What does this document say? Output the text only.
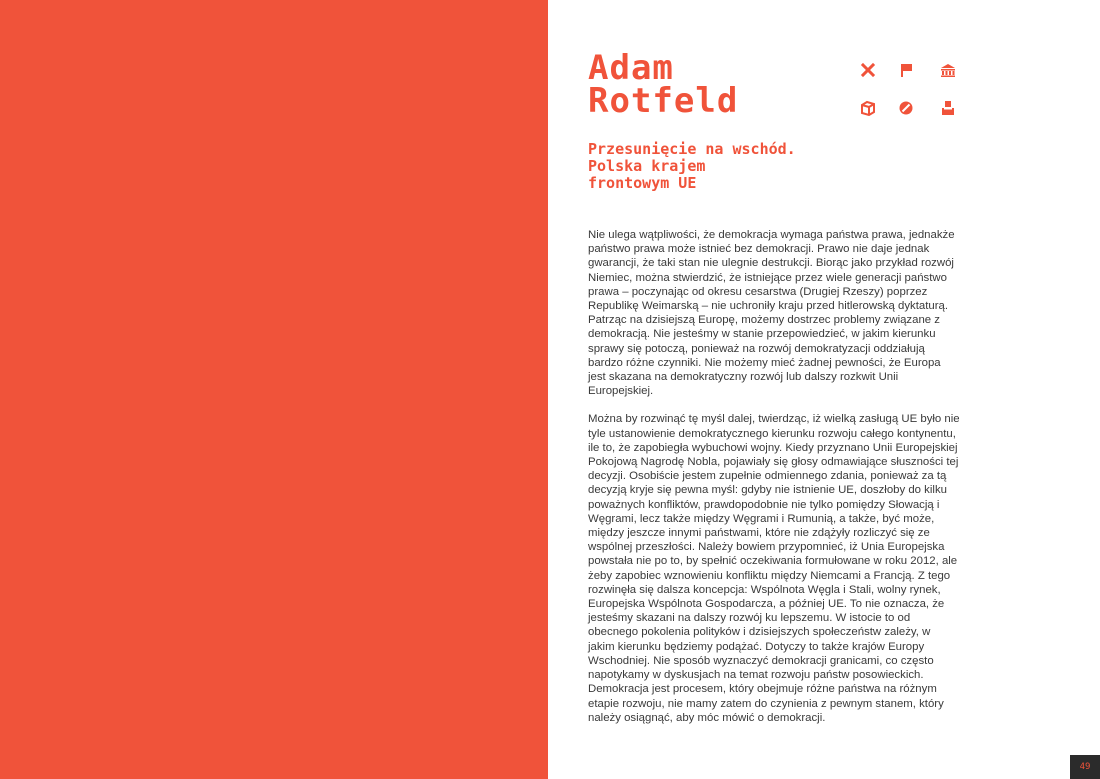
Adam
Rotfeld
Przesunięcie na wschód.
Polska krajem
frontowym UE

Nie ulega wątpliwości, że demokracja wymaga państwa prawa, jednakże państwo prawa może istnieć bez demokracji. Prawo nie daje jednak gwarancji, że taki stan nie ulegnie destrukcji. Biorąc jako przykład rozwój Niemiec, można stwierdzić, że istniejące przez wiele generacji państwo prawa – poczynając od okresu cesarstwa (Drugiej Rzeszy) poprzez Republikę Weimarską – nie uchroniły kraju przed hitlerowską dyktaturą. Patrząc na dzisiejszą Europę, możemy dostrzec problemy związane z demokracją. Nie jesteśmy w stanie przepowiedzieć, w jakim kierunku sprawy się potoczą, ponieważ na rozwój demokratyzacji oddziałują bardzo różne czynniki. Nie możemy mieć żadnej pewności, że Europa jest skazana na demokratyczny rozwój lub dalszy rozkwit Unii Europejskiej.

Można by rozwinąć tę myśl dalej, twierdząc, iż wielką zasługą UE było nie tyle ustanowienie demokratycznego kierunku rozwoju całego kontynentu, ile to, że zapobiegła wybuchowi wojny. Kiedy przyznano Unii Europejskiej Pokojową Nagrodę Nobla, pojawiały się głosy odmawiające słuszności tej decyzji. Osobiście jestem zupełnie odmiennego zdania, ponieważ za tą decyzją kryje się pewna myśl: gdyby nie istnienie UE, doszłoby do kilku poważnych konfliktów, prawdopodobnie nie tylko pomiędzy Słowacją i Węgrami, lecz także między Węgrami i Rumunią, a także, być może, między jeszcze innymi państwami, które nie zdążyły rozliczyć się ze wspólnej przeszłości. Należy bowiem przypomnieć, iż Unia Europejska powstała nie po to, by spełnić oczekiwania formułowane w roku 2012, ale żeby zapobiec wznowieniu konfliktu między Niemcami a Francją. Z tego rozwinęła się dalsza koncepcja: Wspólnota Węgla i Stali, wolny rynek, Europejska Wspólnota Gospodarcza, a później UE. To nie oznacza, że jesteśmy skazani na dalszy rozwój ku lepszemu. W istocie to od obecnego pokolenia polityków i dzisiejszych społeczeństw zależy, w jakim kierunku będziemy podążać. Dotyczy to także krajów Europy Wschodniej. Nie sposób wyznaczyć demokracji granicami, co często napotykamy w dyskusjach na temat rozwoju państw posowieckich. Demokracja jest procesem, który obejmuje różne państwa na różnym etapie rozwoju, nie mamy zatem do czynienia z pewnym stanem, który należy osiągnąć, aby móc mówić o demokracji.

49
